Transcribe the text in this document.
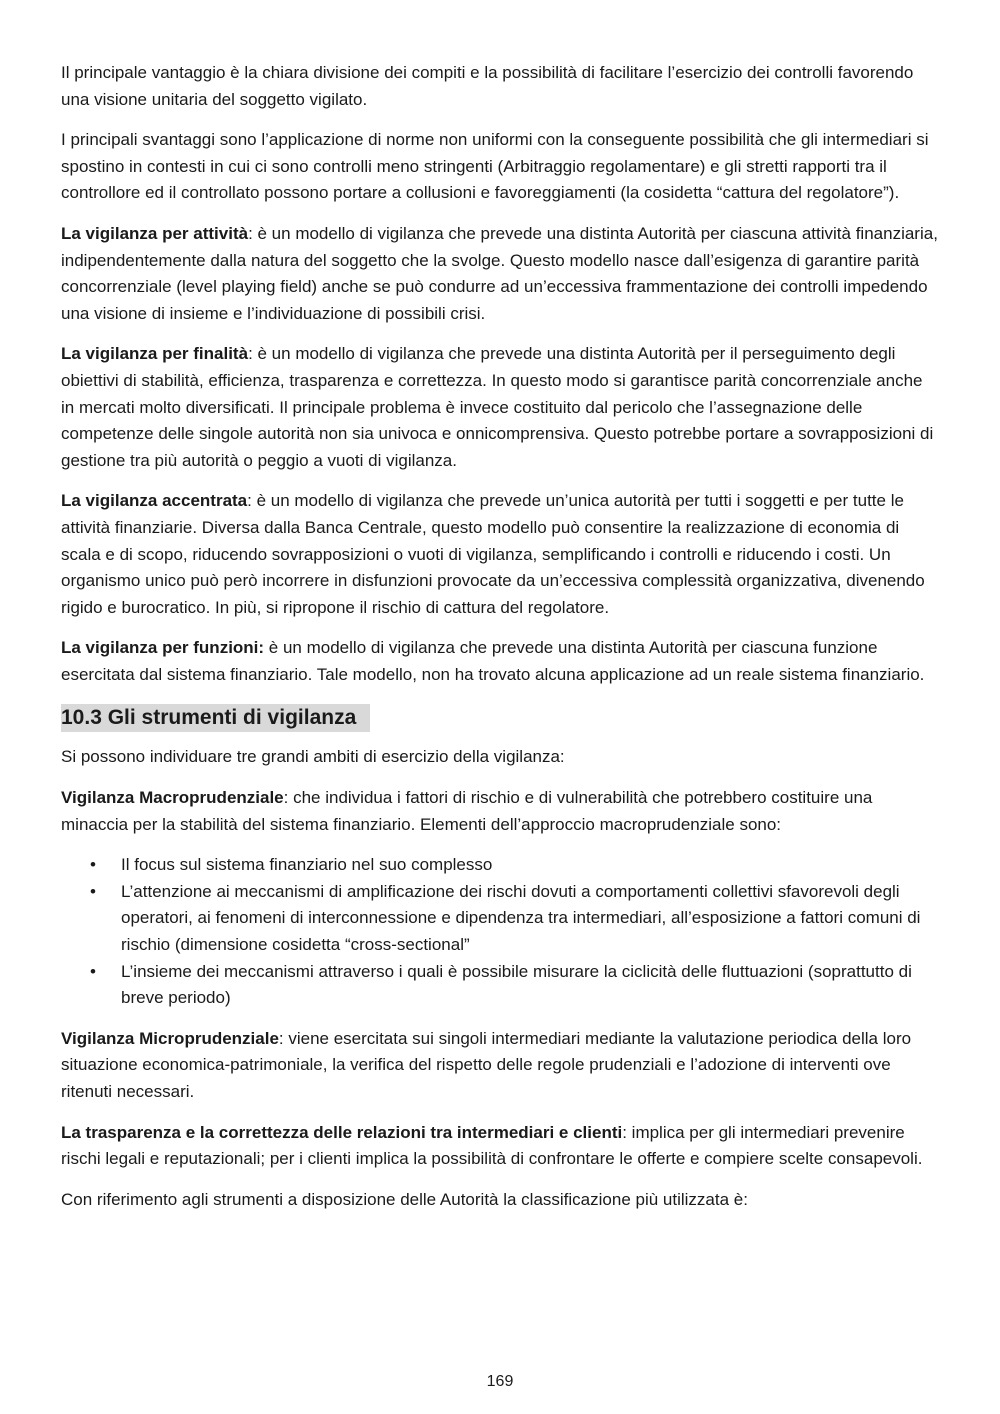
Il principale vantaggio è la chiara divisione dei compiti e la possibilità di facilitare l’esercizio dei controlli favorendo una visione unitaria del soggetto vigilato.

I principali svantaggi sono l’applicazione di norme non uniformi con la conseguente possibilità che gli intermediari si spostino in contesti in cui ci sono controlli meno stringenti (Arbitraggio regolamentare) e gli stretti rapporti tra il controllore ed il controllato possono portare a collusioni e favoreggiamenti (la cosidetta “cattura del regolatore”).

La vigilanza per attività: è un modello di vigilanza che prevede una distinta Autorità per ciascuna attività finanziaria, indipendentemente dalla natura del soggetto che la svolge. Questo modello nasce dall’esigenza di garantire parità concorrenziale (level playing field) anche se può condurre ad un’eccessiva frammentazione dei controlli impedendo una visione di insieme e l’individuazione di possibili crisi.

La vigilanza per finalità: è un modello di vigilanza che prevede una distinta Autorità per il perseguimento degli obiettivi di stabilità, efficienza, trasparenza e correttezza. In questo modo si garantisce parità concorrenziale anche in mercati molto diversificati. Il principale problema è invece costituito dal pericolo che l’assegnazione delle competenze delle singole autorità non sia univoca e onnicomprensiva. Questo potrebbe portare a sovrapposizioni di gestione tra più autorità o peggio a vuoti di vigilanza.

La vigilanza accentrata: è un modello di vigilanza che prevede un’unica autorità per tutti i soggetti e per tutte le attività finanziarie. Diversa dalla Banca Centrale, questo modello può consentire la realizzazione di economia di scala e di scopo, riducendo sovrapposizioni o vuoti di vigilanza, semplificando i controlli e riducendo i costi. Un organismo unico può però incorrere in disfunzioni provocate da un’eccessiva complessità organizzativa, divenendo rigido e burocratico. In più, si ripropone il rischio di cattura del regolatore.

La vigilanza per funzioni: è un modello di vigilanza che prevede una distinta Autorità per ciascuna funzione esercitata dal sistema finanziario. Tale modello, non ha trovato alcuna applicazione ad un reale sistema finanziario.

10.3 Gli strumenti di vigilanza

Si possono individuare tre grandi ambiti di esercizio della vigilanza:

Vigilanza Macroprudenziale: che individua i fattori di rischio e di vulnerabilità che potrebbero costituire una minaccia per la stabilità del sistema finanziario. Elementi dell’approccio macroprudenziale sono:

• Il focus sul sistema finanziario nel suo complesso
• L’attenzione ai meccanismi di amplificazione dei rischi dovuti a comportamenti collettivi sfavorevoli degli operatori, ai fenomeni di interconnessione e dipendenza tra intermediari, all’esposizione a fattori comuni di rischio (dimensione cosidetta “cross-sectional”
• L’insieme dei meccanismi attraverso i quali è possibile misurare la ciclicità delle fluttuazioni (soprattutto di breve periodo)

Vigilanza Microprudenziale: viene esercitata sui singoli intermediari mediante la valutazione periodica della loro situazione economica-patrimoniale, la verifica del rispetto delle regole prudenziali e l’adozione di interventi ove ritenuti necessari.

La trasparenza e la correttezza delle relazioni tra intermediari e clienti: implica per gli intermediari prevenire rischi legali e reputazionali; per i clienti implica la possibilità di confrontare le offerte e compiere scelte consapevoli.

Con riferimento agli strumenti a disposizione delle Autorità la classificazione più utilizzata è:

169
